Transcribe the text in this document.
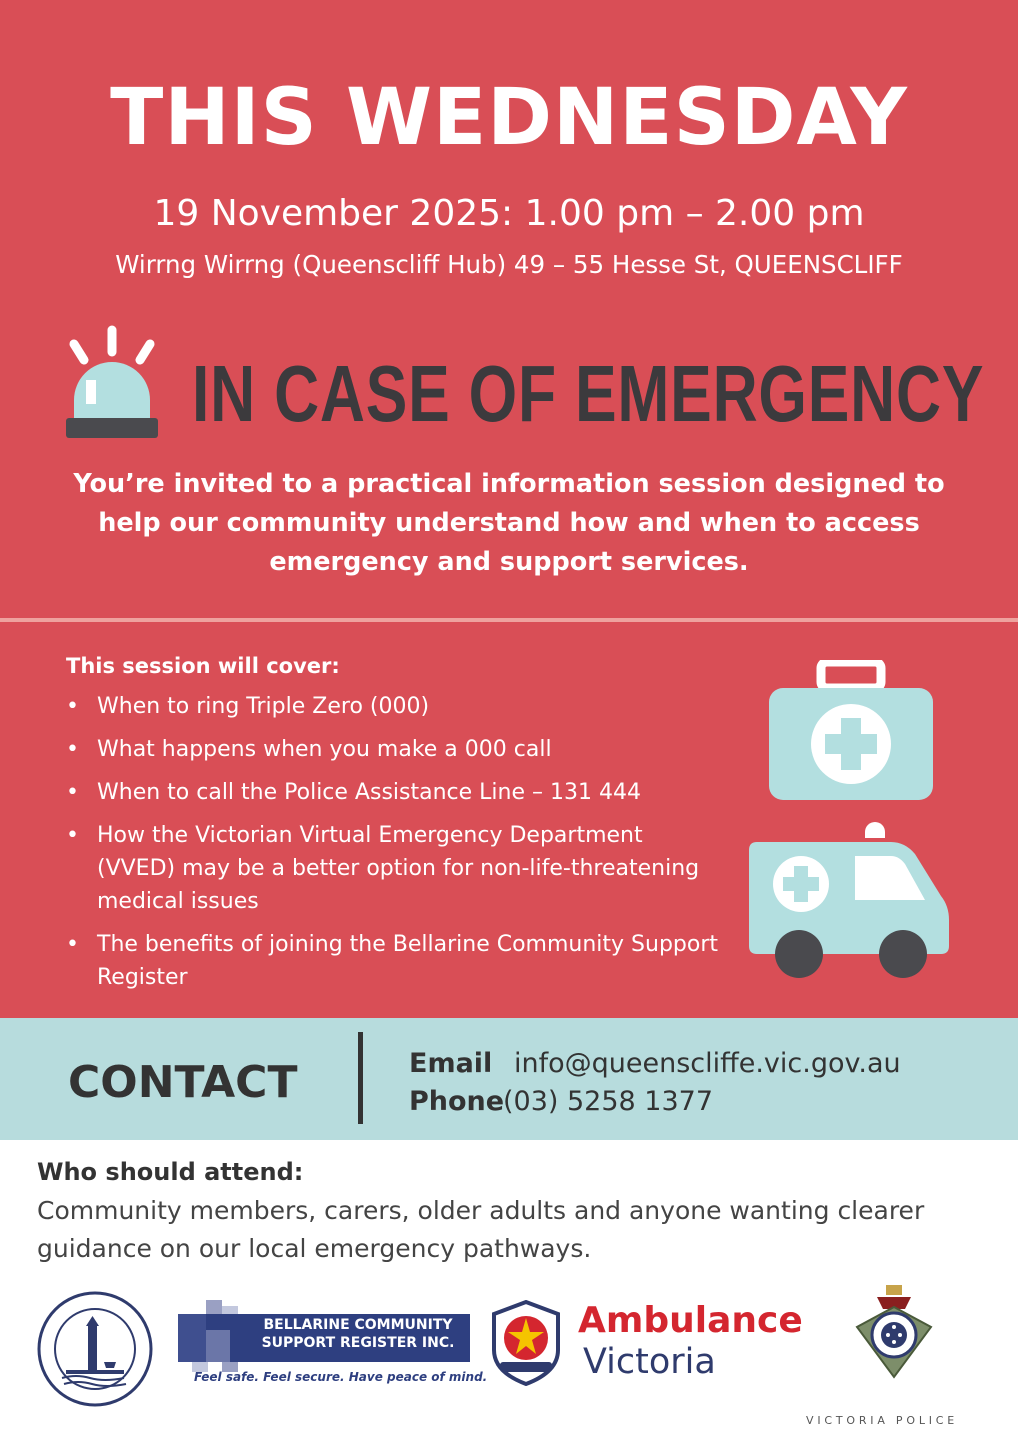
THIS WEDNESDAY
19 November 2025: 1.00 pm – 2.00 pm
Wirrng Wirrng (Queenscliff Hub) 49 – 55 Hesse St, QUEENSCLIFF
IN CASE OF EMERGENCY
You’re invited to a practical information session designed to help our community understand how and when to access emergency and support services.
This session will cover:
• When to ring Triple Zero (000)
• What happens when you make a 000 call
• When to call the Police Assistance Line – 131 444
• How the Victorian Virtual Emergency Department (VVED) may be a better option for non-life-threatening medical issues
• The benefits of joining the Bellarine Community Support Register
CONTACT	Email info@queenscliffe.vic.gov.au
Phone
(03) 5258 1377
Who should attend:
Community members, carers, older adults and anyone wanting clearer guidance on our local emergency pathways.
BELLARINE COMMUNITY SUPPORT REGISTER INC.
Feel safe. Feel secure. Have peace of mind.
Ambulance
Victoria
VICTORIA POLICE
